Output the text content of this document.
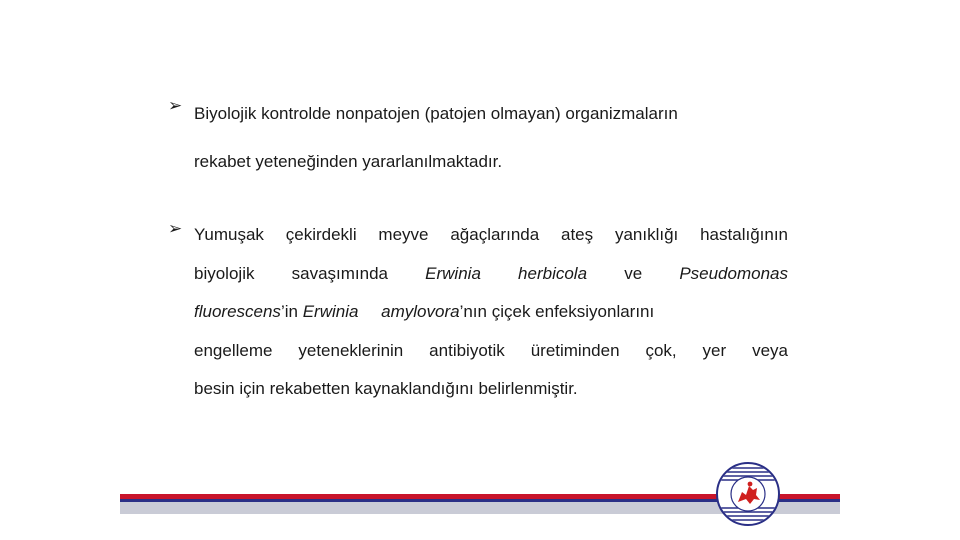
➢ Biyolojik kontrolde nonpatojen (patojen olmayan) organizmaların
rekabet yeteneğinden yararlanılmaktadır.

➢ Yumuşak çekirdekli meyve ağaçlarında ateş yanıklığı hastalığının
biyolojik savaşımında Erwinia herbicola ve Pseudomonas
fluorescens’in Erwinia amylovora’nın çiçek enfeksiyonlarını
engelleme yeteneklerinin antibiyotik üretiminden çok, yer veya
besin için rekabetten kaynaklandığını belirlenmiştir.
